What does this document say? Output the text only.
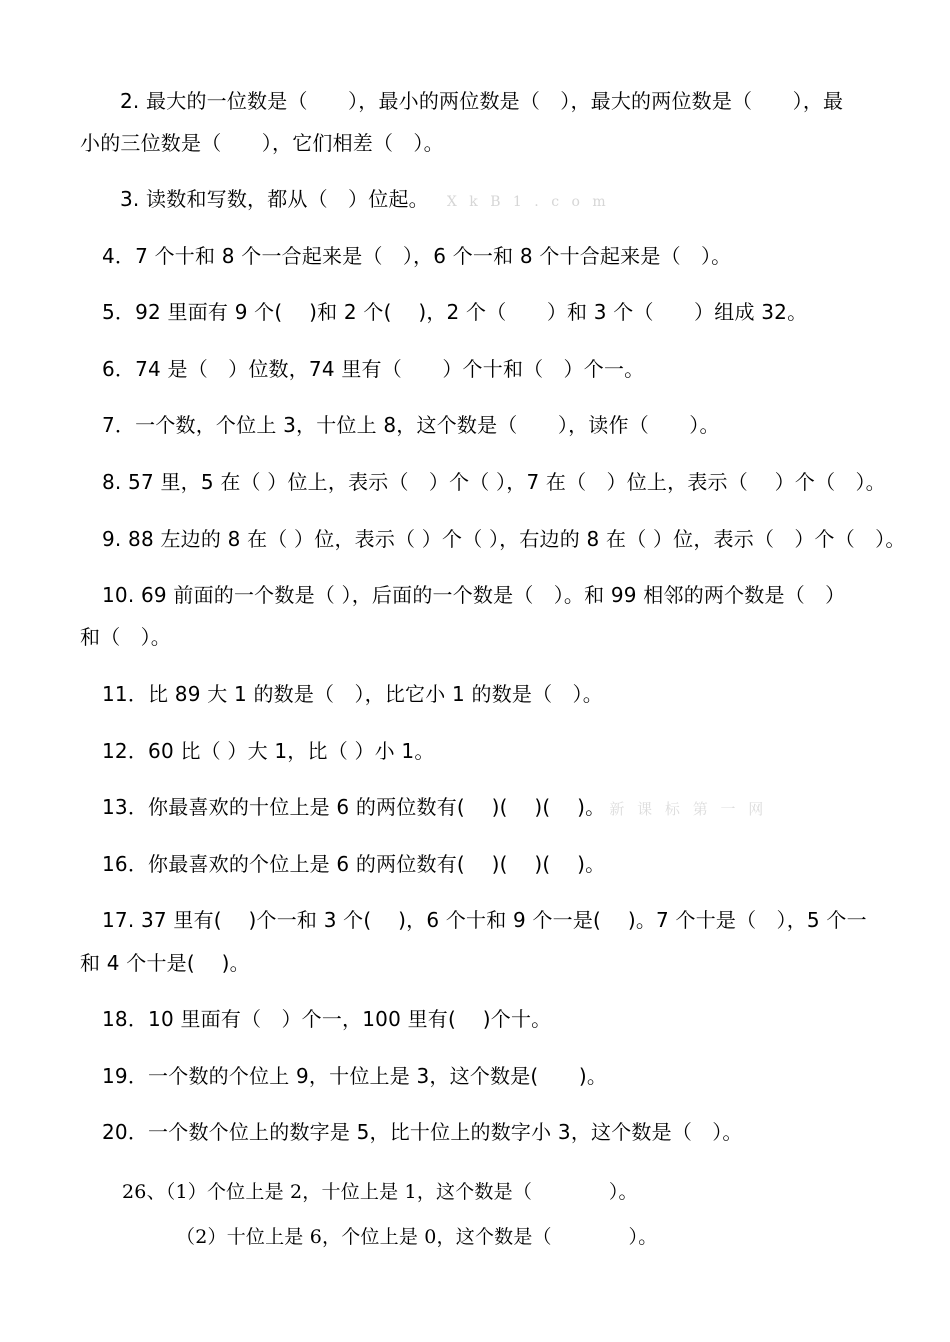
2. 最大的一位数是（　　），最小的两位数是（　），最大的两位数是（　　），最
小的三位数是（　　），它们相差（　）。
3. 读数和写数，都从（　）位起。 X k B 1 . c o m
4．7 个十和 8 个一合起来是（　），6 个一和 8 个十合起来是（　）。
5．92 里面有 9 个(　 )和 2 个(　 )，2 个（　　）和 3 个（　　）组成 32。
6．74 是（　）位数，74 里有（　　）个十和（　）个一。
7．一个数，个位上 3，十位上 8，这个数是（　　），读作（　　）。
8. 57 里，5 在（ ）位上，表示（　）个（ ），7 在（　）位上，表示（　 ）个（　）。
9. 88 左边的 8 在（ ）位，表示（ ）个（ ），右边的 8 在（ ）位，表示（　）个（　）。
10. 69 前面的一个数是（ ），后面的一个数是（　）。和 99 相邻的两个数是（　）
和（　）。
11．比 89 大 1 的数是（　），比它小 1 的数是（　）。
12．60 比（ ）大 1，比（ ）小 1。
13．你最喜欢的十位上是 6 的两位数有(　 )(　 )(　 )。 新 课 标 第 一 网
16．你最喜欢的个位上是 6 的两位数有(　 )(　 )(　 )。
17. 37 里有(　 )个一和 3 个(　 )，6 个十和 9 个一是(　 )。7 个十是（　），5 个一
和 4 个十是(　 )。
18．10 里面有（　）个一，100 里有(　 )个十。
19．一个数的个位上 9，十位上是 3，这个数是(　　)。
20．一个数个位上的数字是 5，比十位上的数字小 3，这个数是（　）。
26、（1）个位上是 2，十位上是 1，这个数是（　　　　）。
（2）十位上是 6，个位上是 0，这个数是（　　　　）。
